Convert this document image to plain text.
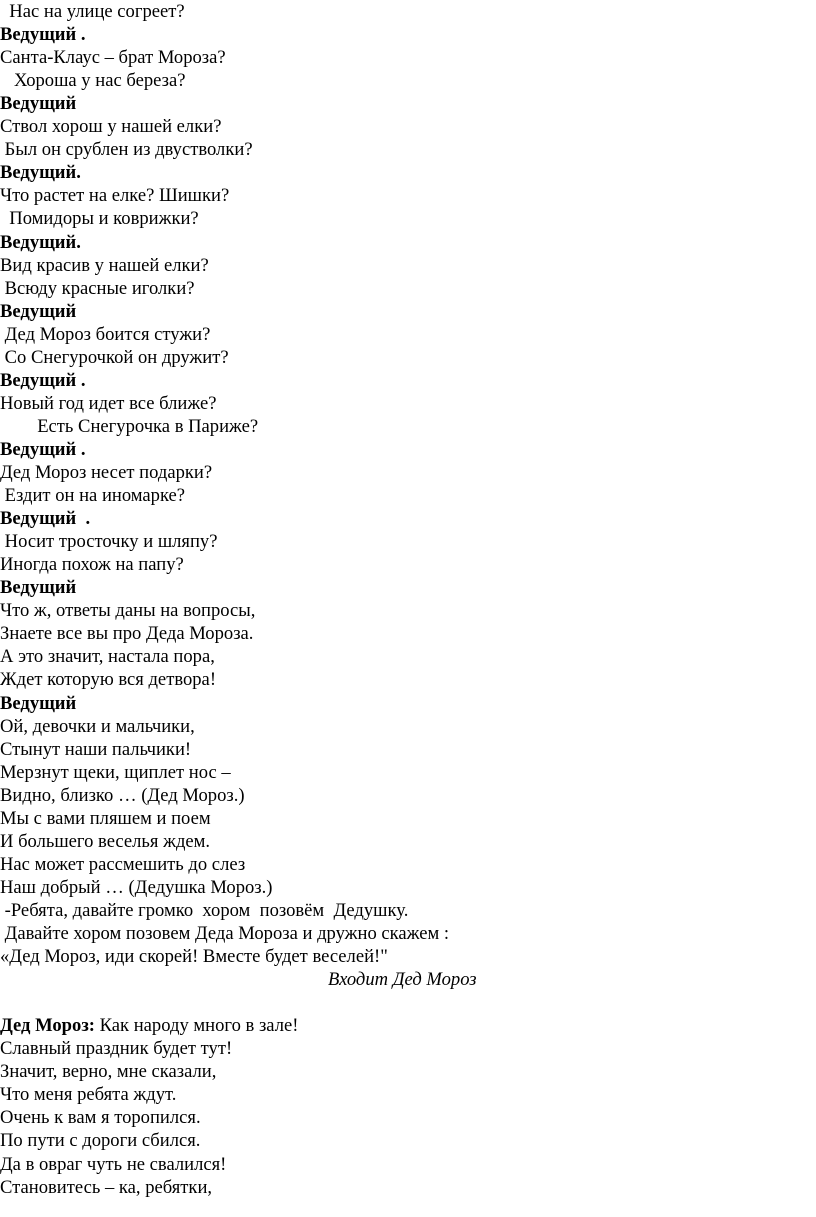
Нас на улице согреет?
Ведущий .
Санта-Клаус – брат Мороза?
Хороша у нас береза?
Ведущий
Ствол хорош у нашей елки?
Был он срублен из двустволки?
Ведущий.
Что растет на елке? Шишки?
Помидоры и коврижки?
Ведущий.
Вид красив у нашей елки?
Всюду красные иголки?
Ведущий
Дед Мороз боится стужи?
Со Снегурочкой он дружит?
Ведущий .
Новый год идет все ближе?
Есть Снегурочка в Париже?
Ведущий .
Дед Мороз несет подарки?
Ездит он на иномарке?
Ведущий  .
Носит тросточку и шляпу?
Иногда похож на папу?
Ведущий
Что ж, ответы даны на вопросы,
Знаете все вы про Деда Мороза.
А это значит, настала пора,
Ждет которую вся детвора!
Ведущий
Ой, девочки и мальчики,
Стынут наши пальчики!
Мерзнут щеки, щиплет нос –
Видно, близко … (Дед Мороз.)
Мы с вами пляшем и поем
И большего веселья ждем.
Нас может рассмешить до слез
Наш добрый … (Дедушка Мороз.)
-Ребята, давайте громко  хором  позовём  Дедушку.
Давайте хором позовем Деда Мороза и дружно скажем :
«Дед Мороз, иди скорей! Вместе будет веселей!"
Входит Дед Мороз
Дед Мороз: Как народу много в зале!
Славный праздник будет тут!
Значит, верно, мне сказали,
Что меня ребята ждут.
Очень к вам я торопился.
По пути с дороги сбился.
Да в овраг чуть не свалился!
Становитесь – ка, ребятки,
